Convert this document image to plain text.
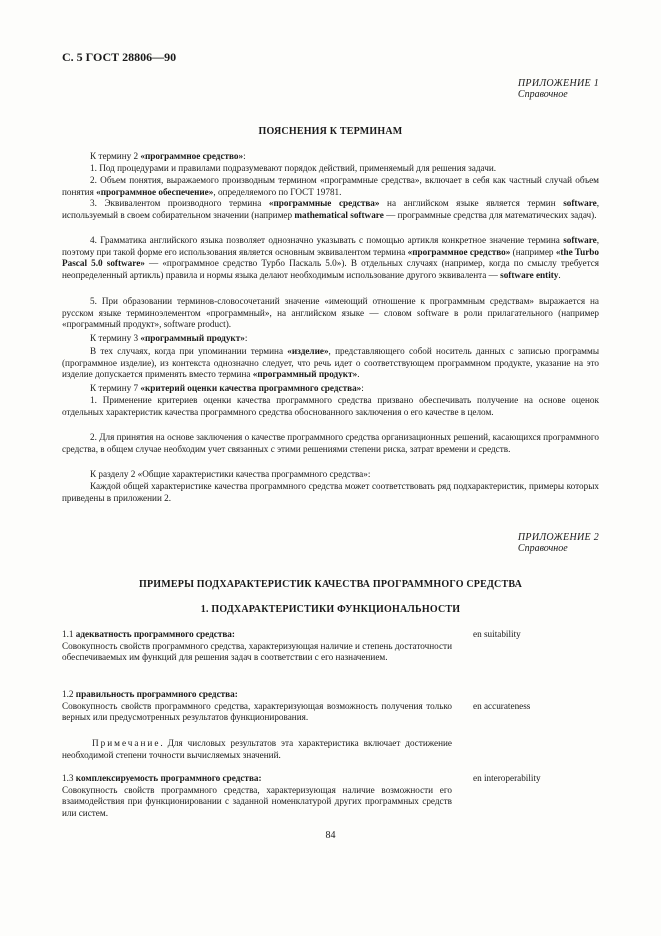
С. 5 ГОСТ 28806—90
ПРИЛОЖЕНИЕ 1
Справочное
ПОЯСНЕНИЯ К ТЕРМИНАМ
К термину 2 «программное средство»:
1. Под процедурами и правилами подразумевают порядок действий, применяемый для решения задачи.
2. Объем понятия, выражаемого производным термином «программные средства», включает в себя как частный случай объем понятия «программное обеспечение», определяемого по ГОСТ 19781.
3. Эквивалентом производного термина «программные средства» на английском языке является термин software, используемый в своем собирательном значении (например mathematical software — программные средства для математических задач).
4. Грамматика английского языка позволяет однозначно указывать с помощью артикля конкретное значение термина software, поэтому при такой форме его использования является основным эквивалентом термина «программное средство» (например «the Turbo Pascal 5.0 software» — «программное средство Турбо Паскаль 5.0»). В отдельных случаях (например, когда по смыслу требуется неопределенный артикль) правила и нормы языка делают необходимым использование другого эквивалента — software entity.
5. При образовании терминов-словосочетаний значение «имеющий отношение к программным средствам» выражается на русском языке терминоэлементом «программный», на английском языке — словом software в роли прилагательного (например «программный продукт», software product).
К термину 3 «программный продукт»:
В тех случаях, когда при упоминании термина «изделие», представляющего собой носитель данных с записью программы (программное изделие), из контекста однозначно следует, что речь идет о соответствующем программном продукте, указание на это изделие допускается применять вместо термина «программный продукт».
К термину 7 «критерий оценки качества программного средства»:
1. Применение критериев оценки качества программного средства призвано обеспечивать получение на основе оценок отдельных характеристик качества программного средства обоснованного заключения о его качестве в целом.
2. Для принятия на основе заключения о качестве программного средства организационных решений, касающихся программного средства, в общем случае необходим учет связанных с этими решениями степени риска, затрат времени и средств.
К разделу 2 «Общие характеристики качества программного средства»:
Каждой общей характеристике качества программного средства может соответствовать ряд подхарактеристик, примеры которых приведены в приложении 2.
ПРИЛОЖЕНИЕ 2
Справочное
ПРИМЕРЫ ПОДХАРАКТЕРИСТИК КАЧЕСТВА ПРОГРАММНОГО СРЕДСТВА
1. ПОДХАРАКТЕРИСТИКИ ФУНКЦИОНАЛЬНОСТИ
1.1 адекватность программного средства:
Совокупность свойств программного средства, характеризующая наличие и степень достаточности обеспечиваемых им функций для решения задач в соответствии с его назначением.
en suitability
1.2 правильность программного средства:
Совокупность свойств программного средства, характеризующая возможность получения только верных или предусмотренных результатов функционирования.
en accurateness
Примечание. Для числовых результатов эта характеристика включает достижение необходимой степени точности вычисляемых значений.
1.3 комплексируемость программного средства:
Совокупность свойств программного средства, характеризующая наличие возможности его взаимодействия при функционировании с заданной номенклатурой других программных средств или систем.
en interoperability
84
